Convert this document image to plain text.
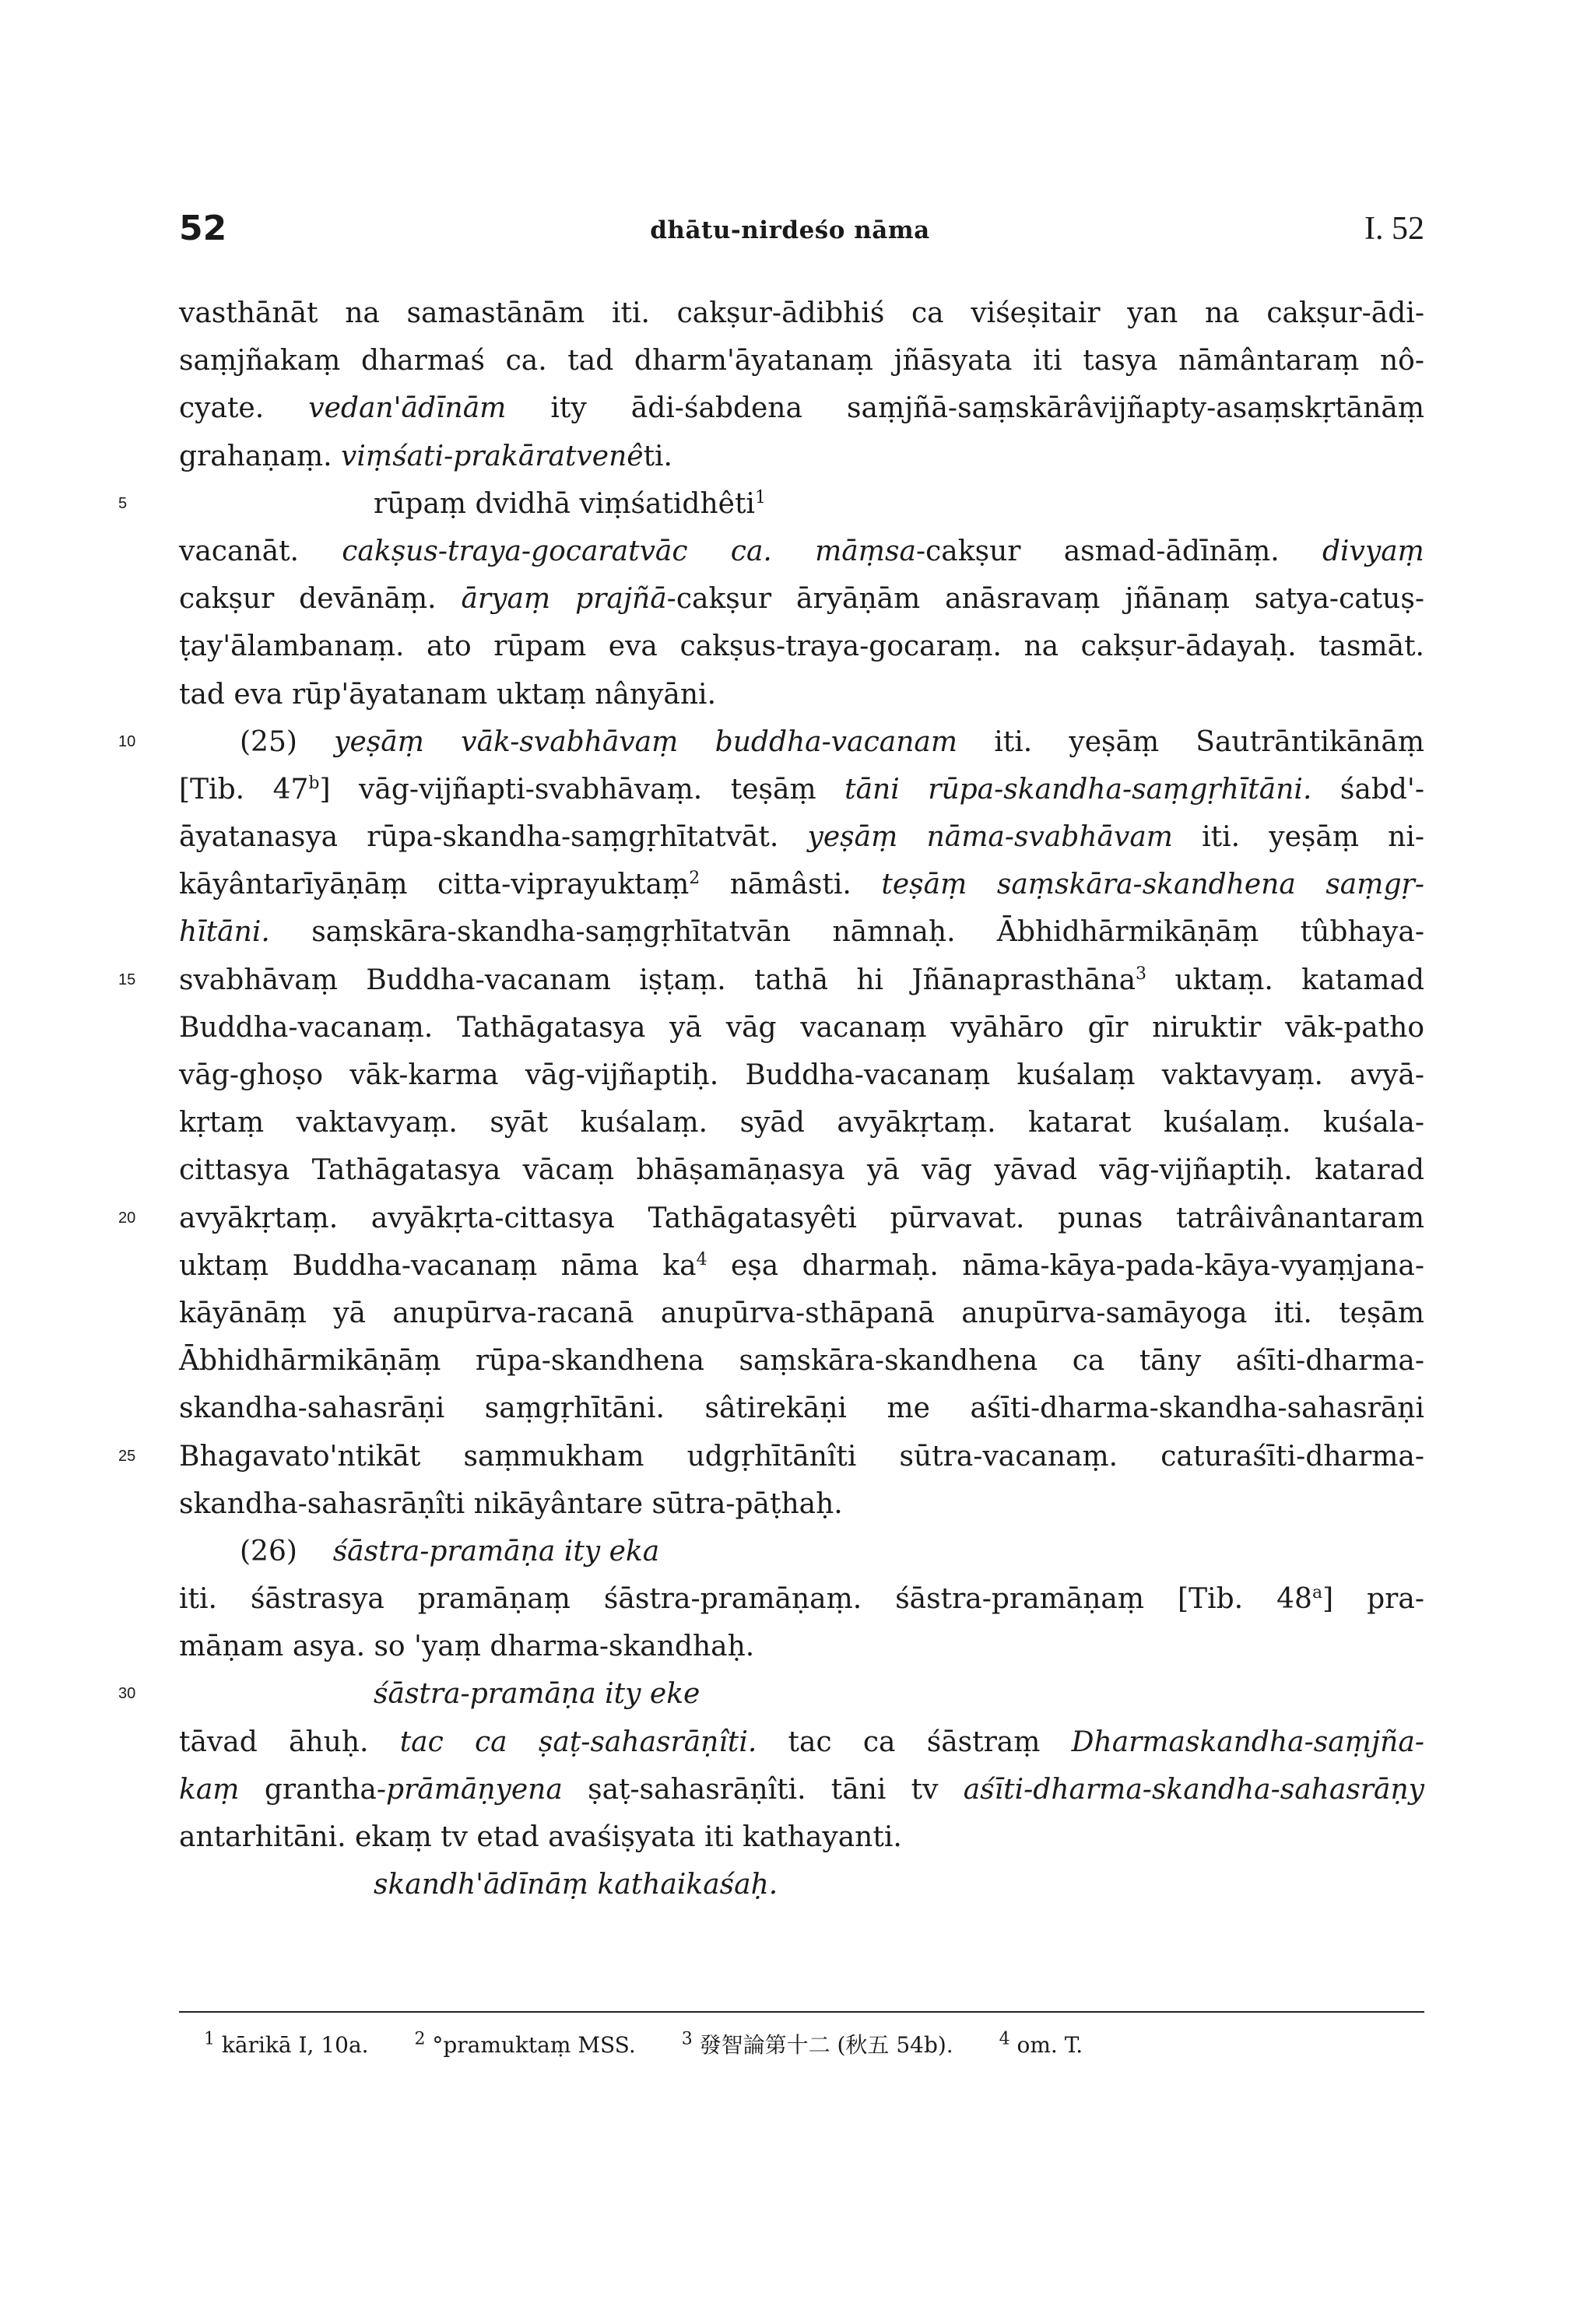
52	dhātu-nirdeśo nāma	I. 52
vasthānāt na samastānām iti. cakṣur-ādibhiś ca viśeṣitair yan na cakṣur-ādi-
saṃjñakaṃ dharmaś ca. tad dharm'āyatanaṃ jñāsyata iti tasya nāmântaraṃ nô-
cyate. vedan'ādīnām ity ādi-śabdena saṃjñā-saṃskārâvijñapty-asaṃskṛtānāṃ
grahaṇaṃ. viṃśati-prakāratvenêti.
5	rūpaṃ dvidhā viṃśatidhêti$^1$
vacanāt. cakṣus-traya-gocaratvāc ca. māṃsa-cakṣur asmad-ādīnāṃ. divyaṃ
cakṣur devānāṃ. āryaṃ prajñā-cakṣur āryāṇām anāsravaṃ jñānaṃ satya-catuṣ-
ṭay'ālambanaṃ. ato rūpam eva cakṣus-traya-gocaraṃ. na cakṣur-ādayaḥ. tasmāt.
tad eva rūp'āyatanam uktaṃ nânyāni.
10	(25) yeṣāṃ vāk-svabhāvaṃ buddha-vacanam iti. yeṣāṃ Sautrāntikānāṃ
[Tib. 47$^b$] vāg-vijñapti-svabhāvaṃ. teṣāṃ tāni rūpa-skandha-saṃgṛhītāni. śabd'-
āyatanasya rūpa-skandha-saṃgṛhītatvāt. yeṣāṃ nāma-svabhāvam iti. yeṣāṃ ni-
kāyântarīyāṇāṃ citta-viprayuktaṃ$^2$ nāmâsti. teṣāṃ saṃskāra-skandhena saṃgṛ-
hītāni. saṃskāra-skandha-saṃgṛhītatvān nāmnaḥ. Ābhidhārmikāṇāṃ tûbhaya-
15 svabhāvaṃ Buddha-vacanam iṣṭaṃ. tathā hi Jñānaprasthāna$^3$ uktaṃ. katamad
Buddha-vacanaṃ. Tathāgatasya yā vāg vacanaṃ vyāhāro gīr niruktir vāk-patho
vāg-ghoṣo vāk-karma vāg-vijñaptiḥ. Buddha-vacanaṃ kuśalaṃ vaktavyaṃ. avyā-
kṛtaṃ vaktavyaṃ. syāt kuśalaṃ. syād avyākṛtaṃ. katarat kuśalaṃ. kuśala-
cittasya Tathāgatasya vācaṃ bhāṣamāṇasya yā vāg yāvad vāg-vijñaptiḥ. katarad
20 avyākṛtaṃ. avyākṛta-cittasya Tathāgatasyêti pūrvavat. punas tatrâivânantaram
uktaṃ Buddha-vacanaṃ nāma $ka^4$ eṣa dharmaḥ. nāma-kāya-pada-kāya-vyaṃjana-
kāyānāṃ yā anupūrva-racanā anupūrva-sthāpanā anupūrva-samāyoga iti. teṣām
Ābhidhārmikāṇāṃ rūpa-skandhena saṃskāra-skandhena ca tāny aśīti-dharma-
skandha-sahasrāṇi saṃgṛhītāni. sâtirekāṇi me aśīti-dharma-skandha-sahasrāṇi
25 Bhagavato'ntikāt saṃmukham udgṛhītānîti sūtra-vacanaṃ. caturaśīti-dharma-
skandha-sahasrāṇîti nikāyântare sūtra-pāṭhaḥ.
(26) śāstra-pramāṇa ity eka
iti. śāstrasya pramāṇaṃ śāstra-pramāṇaṃ. śāstra-pramāṇaṃ [Tib. 48$^a$] pra-
māṇam asya. so 'yaṃ dharma-skandhaḥ.
30	śāstra-pramāṇa ity eke
tāvad āhuḥ. tac ca ṣaṭ-sahasrāṇîti. tac ca śāstraṃ Dharmaskandha-saṃjña-
kaṃ grantha-prāmāṇyena ṣaṭ-sahasrāṇîti. tāni tv aśīti-dharma-skandha-sahasrāṇy
antarhitāni. ekaṃ tv etad avaśiṣyata iti kathayanti.
skandh'ādīnāṃ kathaikaśaḥ.
$^1$ kārikā I, 10a.	$^2$ °pramuktaṃ MSS.	$^3$ 發智論第十二 (秋五 54b).	$^4$ om. T.
